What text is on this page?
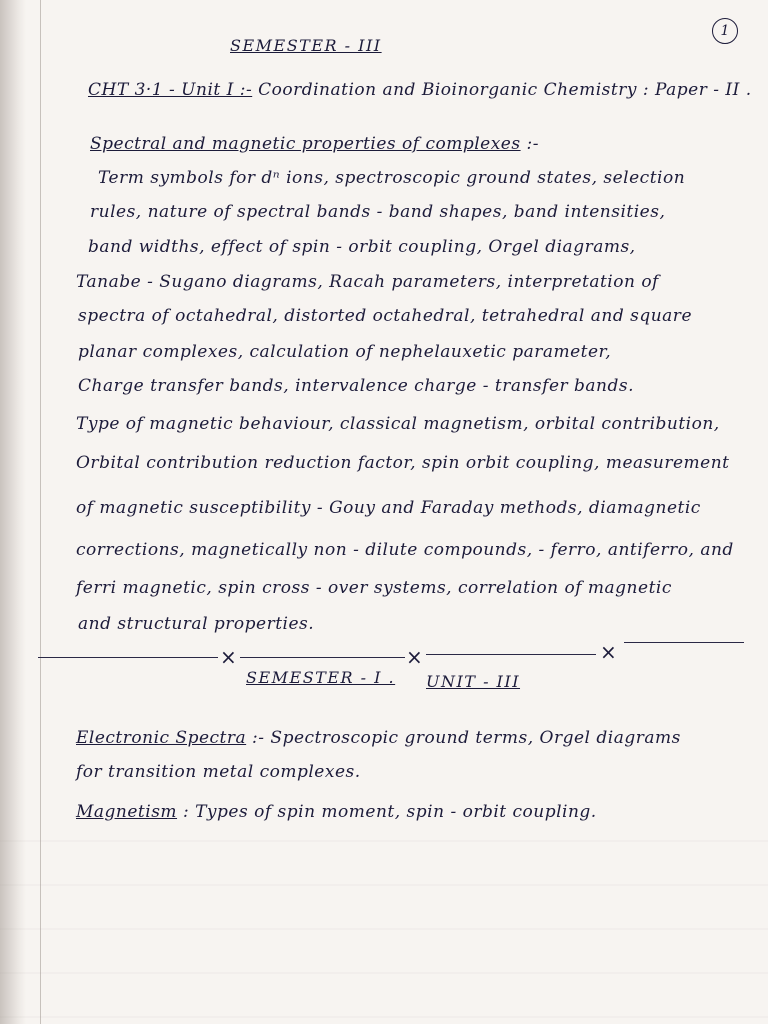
1
SEMESTER - III
CHT 3·1 - Unit I :- Coordination and Bioinorganic Chemistry : Paper - II .
Spectral and magnetic properties of complexes :-
Term symbols for dⁿ ions, spectroscopic ground states, selection
rules, nature of spectral bands - band shapes, band intensities,
band widths, effect of spin - orbit coupling, Orgel diagrams,
Tanabe - Sugano diagrams, Racah parameters, interpretation of
spectra of octahedral, distorted octahedral, tetrahedral and square
planar complexes, calculation of nephelauxetic parameter,
Charge transfer bands, intervalence charge - transfer bands.
Type of magnetic behaviour, classical magnetism, orbital contribution,
Orbital contribution reduction factor, spin orbit coupling, measurement
of magnetic susceptibility - Gouy and Faraday methods, diamagnetic
corrections, magnetically non - dilute compounds, - ferro, antiferro, and
ferri magnetic, spin cross - over systems, correlation of magnetic
and structural properties.
×	×	×
SEMESTER - I . UNIT - III
Electronic Spectra :- Spectroscopic ground terms, Orgel diagrams
for transition metal complexes.
Magnetism : Types of spin moment, spin - orbit coupling.
